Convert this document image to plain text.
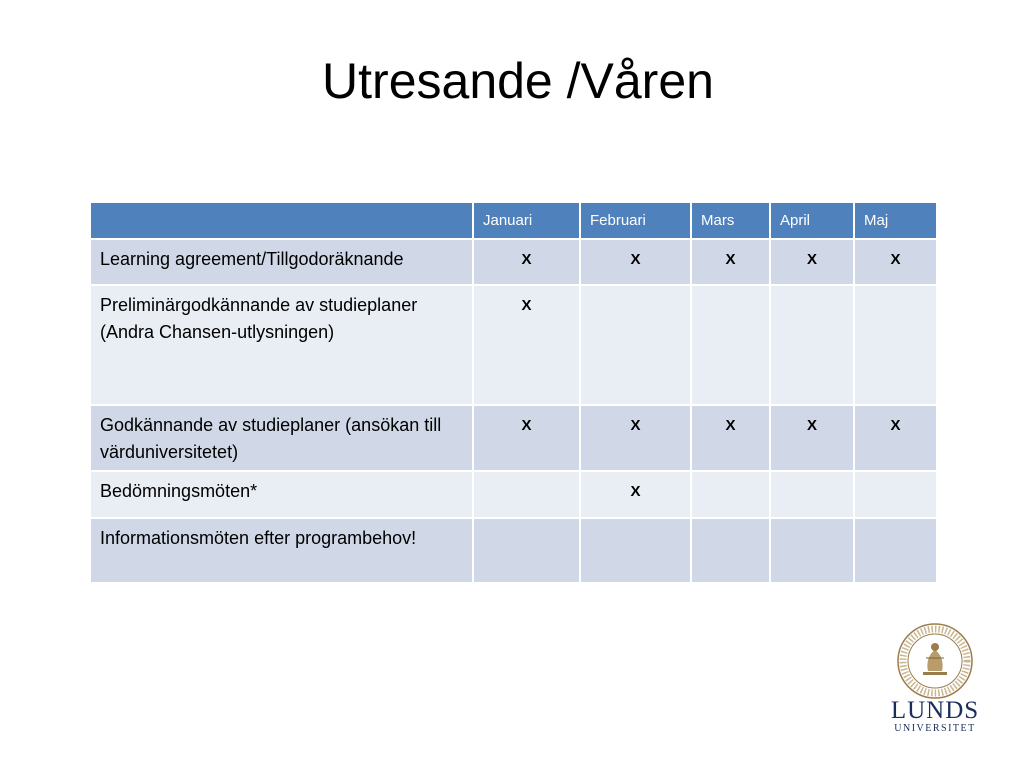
Utresande /Våren
	Januari	Februari	Mars	April	Maj
Learning agreement/Tillgodoräknande	X	X	X	X	X
Preliminärgodkännande av studieplaner (Andra Chansen-utlysningen)	X				
Godkännande av studieplaner (ansökan till värduniversitetet)	X	X	X	X	X
Bedömningsmöten*		X			
Informationsmöten efter programbehov!					
LUNDS
UNIVERSITET
